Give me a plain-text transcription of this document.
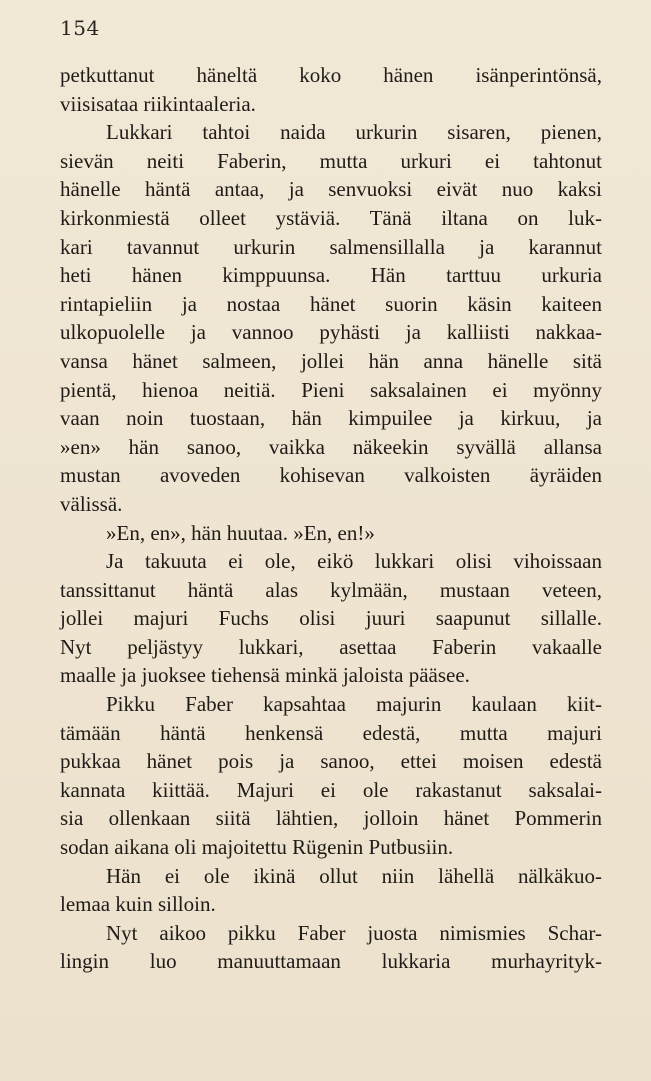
154
petkuttanut häneltä koko hänen isänperintönsä,
viisisataa riikintaaleria.
Lukkari tahtoi naida urkurin sisaren, pienen,
sievän neiti Faberin, mutta urkuri ei tahtonut
hänelle häntä antaa, ja senvuoksi eivät nuo kaksi
kirkonmiestä olleet ystäviä. Tänä iltana on luk-
kari tavannut urkurin salmensillalla ja karannut
heti hänen kimppuunsa. Hän tarttuu urkuria
rintapieliin ja nostaa hänet suorin käsin kaiteen
ulkopuolelle ja vannoo pyhästi ja kalliisti nakkaa-
vansa hänet salmeen, jollei hän anna hänelle sitä
pientä, hienoa neitiä. Pieni saksalainen ei myönny
vaan noin tuostaan, hän kimpuilee ja kirkuu, ja
»en» hän sanoo, vaikka näkeekin syvällä allansa
mustan avoveden kohisevan valkoisten äyräiden
välissä.
»En, en», hän huutaa. »En, en!»
Ja takuuta ei ole, eikö lukkari olisi vihoissaan
tanssittanut häntä alas kylmään, mustaan veteen,
jollei majuri Fuchs olisi juuri saapunut sillalle.
Nyt peljästyy lukkari, asettaa Faberin vakaalle
maalle ja juoksee tiehensä minkä jaloista pääsee.
Pikku Faber kapsahtaa majurin kaulaan kiit-
tämään häntä henkensä edestä, mutta majuri
pukkaa hänet pois ja sanoo, ettei moisen edestä
kannata kiittää. Majuri ei ole rakastanut saksalai-
sia ollenkaan siitä lähtien, jolloin hänet Pommerin
sodan aikana oli majoitettu Rügenin Putbusiin.
Hän ei ole ikinä ollut niin lähellä nälkäkuo-
lemaa kuin silloin.
Nyt aikoo pikku Faber juosta nimismies Schar-
lingin luo manuuttamaan lukkaria murhayrityk-
